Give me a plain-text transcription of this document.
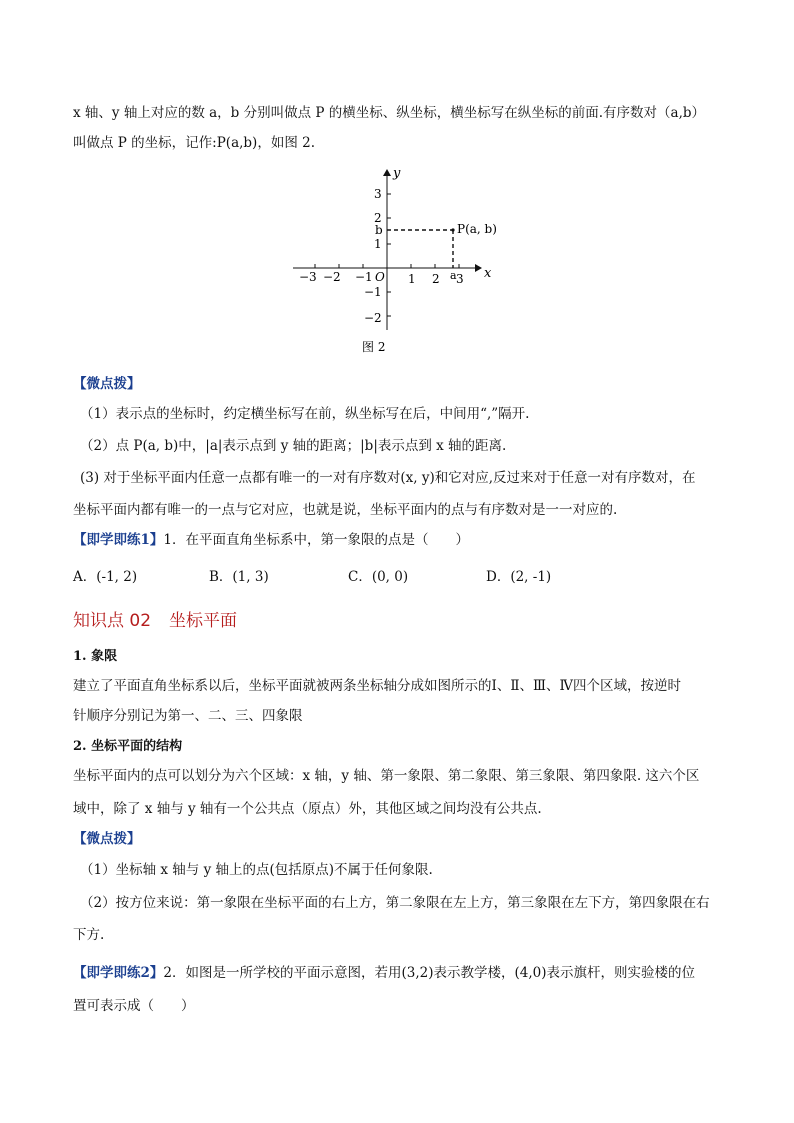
x 轴、y 轴上对应的数 a，b 分别叫做点 P 的横坐标、纵坐标，横坐标写在纵坐标的前面.有序数对（a,b）
叫做点 P 的坐标，记作:P(a,b)，如图 2.
y
x
O
−3 −2 −1	1 2 a 3
3
2
b
1
−1
−2
P(a, b)
图 2
【微点拨】
（1）表示点的坐标时，约定横坐标写在前，纵坐标写在后，中间用“,”隔开.
（2）点 P(a, b)中，|a|表示点到 y 轴的距离；|b|表示点到 x 轴的距离.
(3) 对于坐标平面内任意一点都有唯一的一对有序数对(x, y)和它对应,反过来对于任意一对有序数对，在
坐标平面内都有唯一的一点与它对应，也就是说，坐标平面内的点与有序数对是一一对应的.
【即学即练1】1．在平面直角坐标系中，第一象限的点是（　　）
A．(-1, 2)	B．(1, 3)	C．(0, 0)	D．(2, -1)
知识点 02 坐标平面
1. 象限
建立了平面直角坐标系以后，坐标平面就被两条坐标轴分成如图所示的Ⅰ、Ⅱ、Ⅲ、Ⅳ四个区域，按逆时
针顺序分别记为第一、二、三、四象限
2. 坐标平面的结构
坐标平面内的点可以划分为六个区域：x 轴，y 轴、第一象限、第二象限、第三象限、第四象限. 这六个区
域中，除了 x 轴与 y 轴有一个公共点（原点）外，其他区域之间均没有公共点.
【微点拨】
（1）坐标轴 x 轴与 y 轴上的点(包括原点)不属于任何象限.
（2）按方位来说：第一象限在坐标平面的右上方，第二象限在左上方，第三象限在左下方，第四象限在右
下方.
【即学即练2】2．如图是一所学校的平面示意图，若用(3,2)表示教学楼，(4,0)表示旗杆，则实验楼的位
置可表示成（　　）
